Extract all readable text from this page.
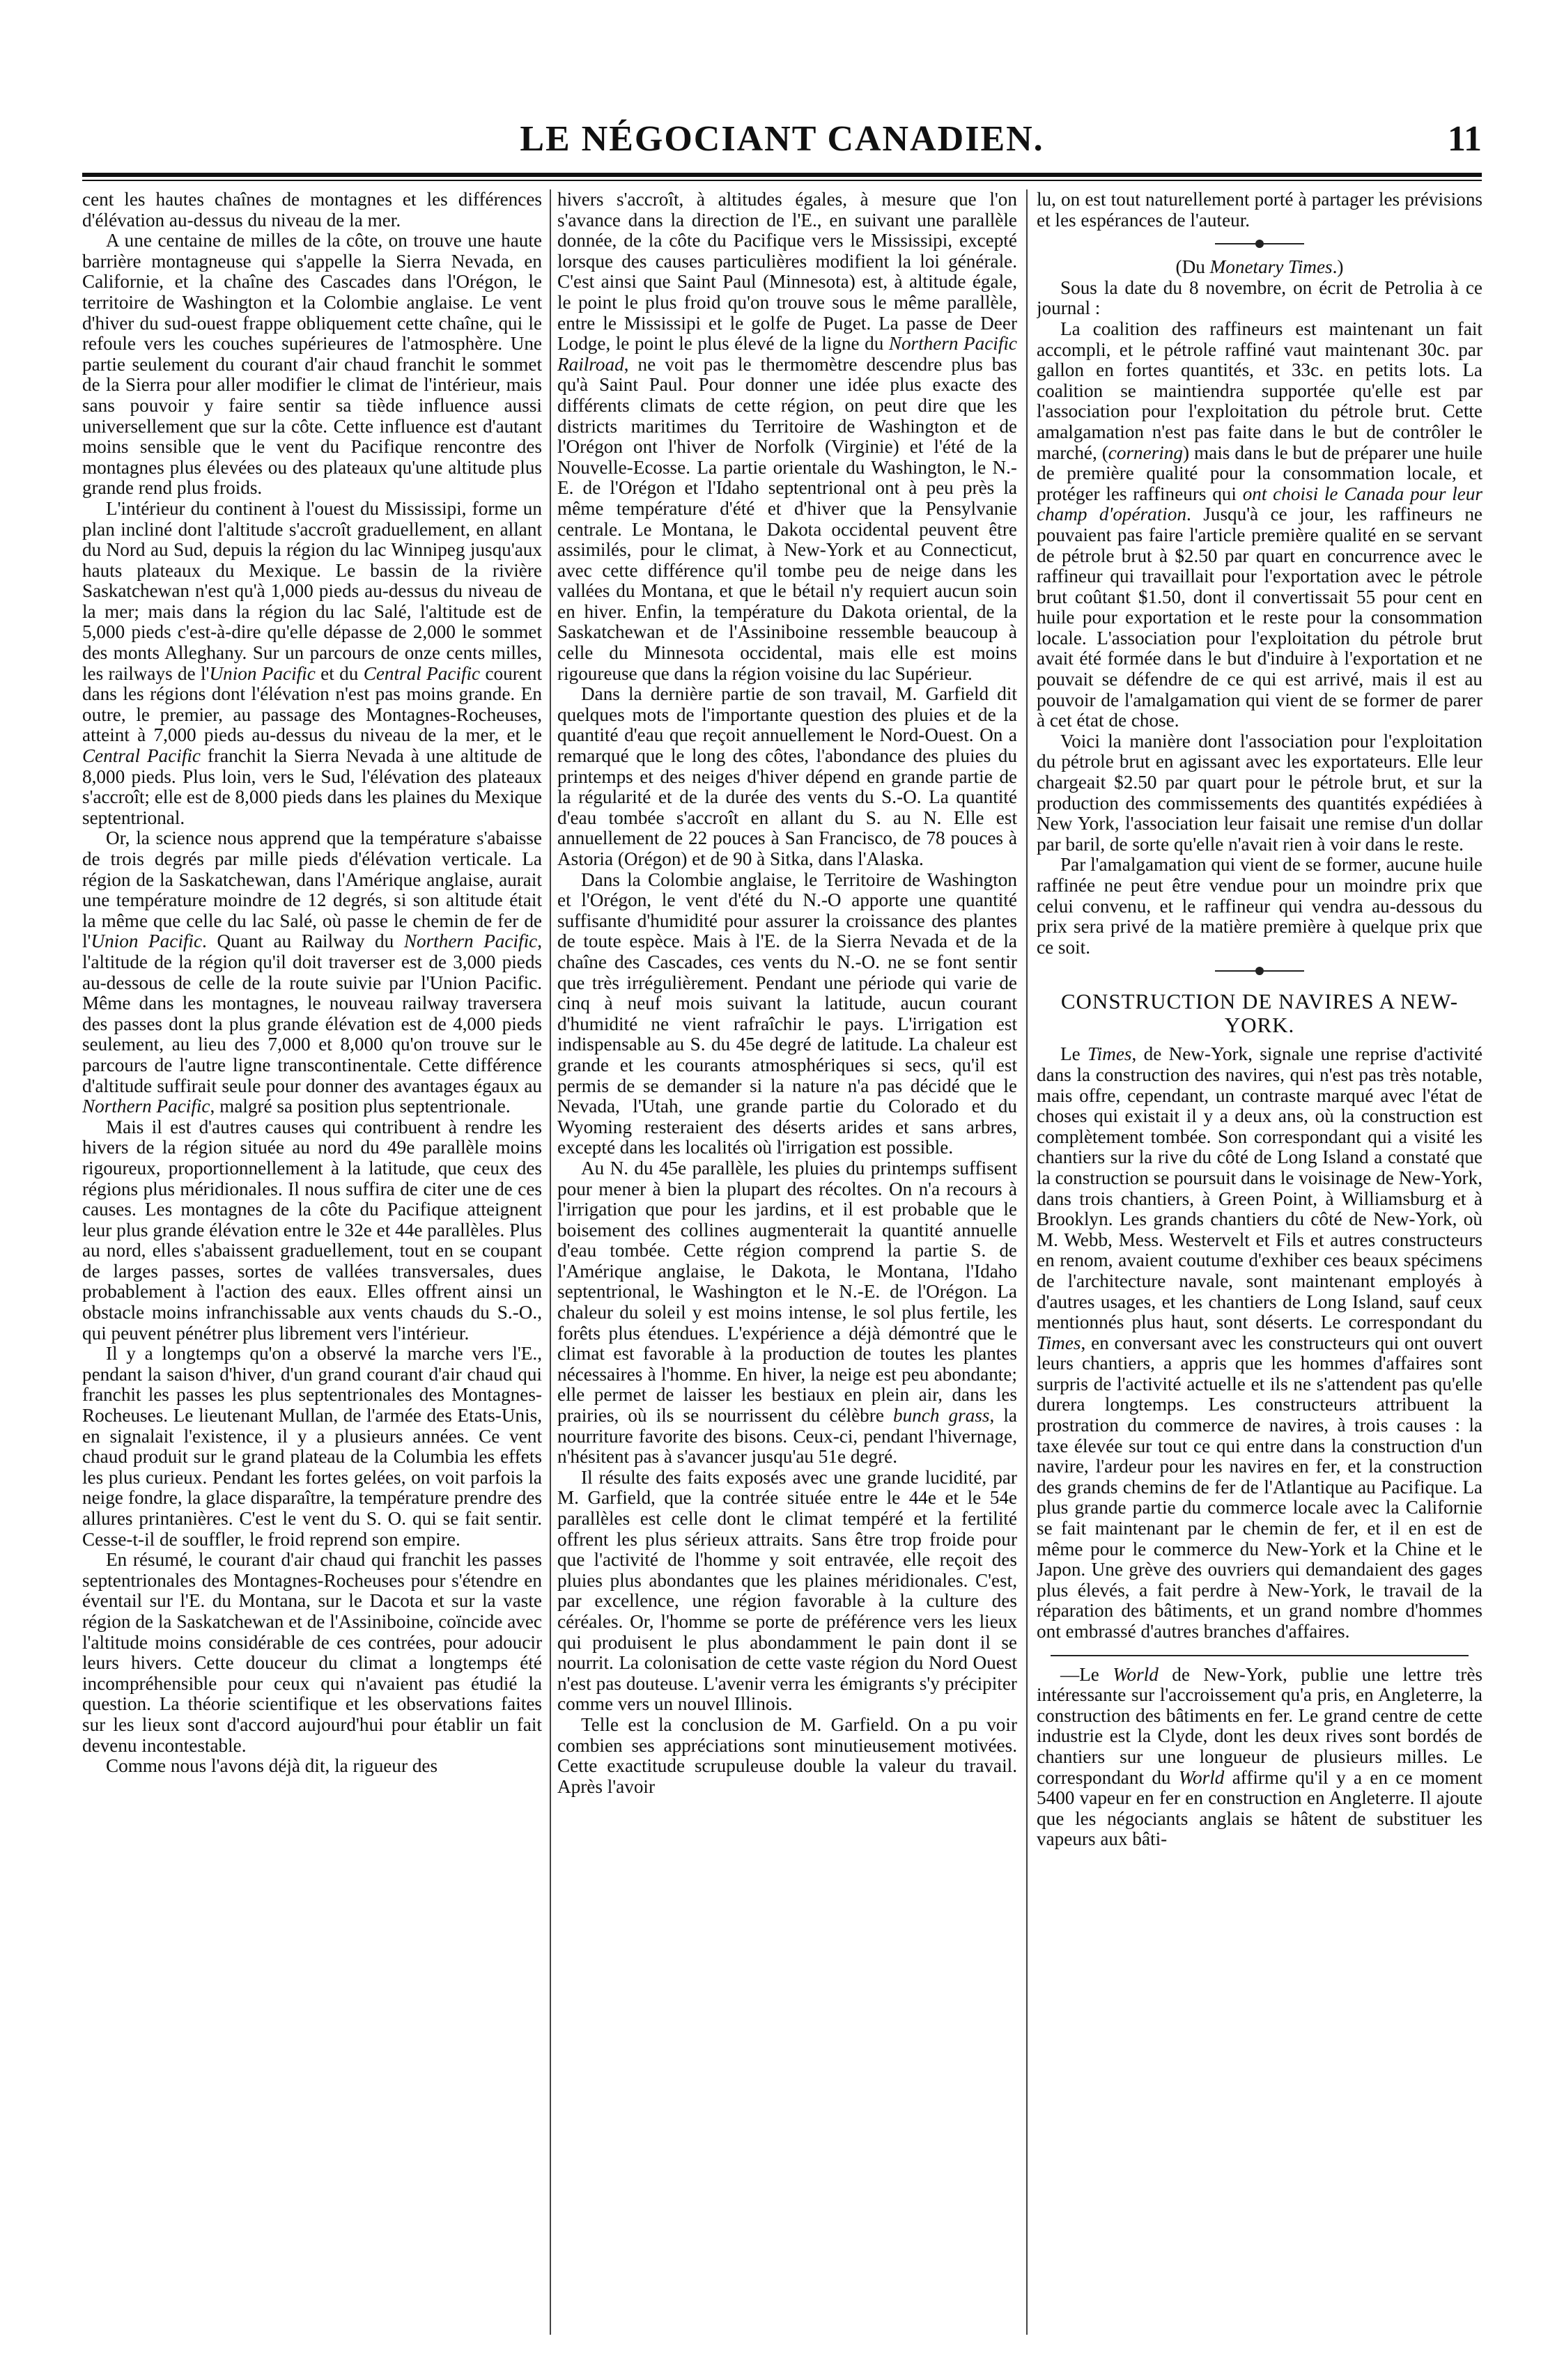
LE NÉGOCIANT CANADIEN.	11

cent les hautes chaînes de montagnes et les différences d'élévation au-dessus du niveau de la mer.

A une centaine de milles de la côte, on trouve une haute barrière montagneuse qui s'appelle la Sierra Nevada, en Californie, et la chaîne des Cascades dans l'Orégon, le territoire de Washington et la Colombie anglaise. Le vent d'hiver du sud-ouest frappe obliquement cette chaîne, qui le refoule vers les couches supérieures de l'atmosphère. Une partie seulement du courant d'air chaud franchit le sommet de la Sierra pour aller modifier le climat de l'intérieur, mais sans pouvoir y faire sentir sa tiède influence aussi universellement que sur la côte. Cette influence est d'autant moins sensible que le vent du Pacifique rencontre des montagnes plus élevées ou des plateaux qu'une altitude plus grande rend plus froids.

L'intérieur du continent à l'ouest du Mississipi, forme un plan incliné dont l'altitude s'accroît graduellement, en allant du Nord au Sud, depuis la région du lac Winnipeg jusqu'aux hauts plateaux du Mexique. Le bassin de la rivière Saskatchewan n'est qu'à 1,000 pieds au-dessus du niveau de la mer; mais dans la région du lac Salé, l'altitude est de 5,000 pieds c'est-à-dire qu'elle dépasse de 2,000 le sommet des monts Alleghany. Sur un parcours de onze cents milles, les railways de l'Union Pacific et du Central Pacific courent dans les régions dont l'élévation n'est pas moins grande. En outre, le premier, au passage des Montagnes-Rocheuses, atteint à 7,000 pieds au-dessus du niveau de la mer, et le Central Pacific franchit la Sierra Nevada à une altitude de 8,000 pieds. Plus loin, vers le Sud, l'élévation des plateaux s'accroît; elle est de 8,000 pieds dans les plaines du Mexique septentrional.

Or, la science nous apprend que la température s'abaisse de trois degrés par mille pieds d'élévation verticale. La région de la Saskatchewan, dans l'Amérique anglaise, aurait une température moindre de 12 degrés, si son altitude était la même que celle du lac Salé, où passe le chemin de fer de l'Union Pacific. Quant au Railway du Northern Pacific, l'altitude de la région qu'il doit traverser est de 3,000 pieds au-dessous de celle de la route suivie par l'Union Pacific. Même dans les montagnes, le nouveau railway traversera des passes dont la plus grande élévation est de 4,000 pieds seulement, au lieu des 7,000 et 8,000 qu'on trouve sur le parcours de l'autre ligne transcontinentale. Cette différence d'altitude suffirait seule pour donner des avantages égaux au Northern Pacific, malgré sa position plus septentrionale.

Mais il est d'autres causes qui contribuent à rendre les hivers de la région située au nord du 49e parallèle moins rigoureux, proportionnellement à la latitude, que ceux des régions plus méridionales. Il nous suffira de citer une de ces causes. Les montagnes de la côte du Pacifique atteignent leur plus grande élévation entre le 32e et 44e parallèles. Plus au nord, elles s'abaissent graduellement, tout en se coupant de larges passes, sortes de vallées transversales, dues probablement à l'action des eaux. Elles offrent ainsi un obstacle moins infranchissable aux vents chauds du S.-O., qui peuvent pénétrer plus librement vers l'intérieur.

Il y a longtemps qu'on a observé la marche vers l'E., pendant la saison d'hiver, d'un grand courant d'air chaud qui franchit les passes les plus septentrionales des Montagnes-Rocheuses. Le lieutenant Mullan, de l'armée des Etats-Unis, en signalait l'existence, il y a plusieurs années. Ce vent chaud produit sur le grand plateau de la Columbia les effets les plus curieux. Pendant les fortes gelées, on voit parfois la neige fondre, la glace disparaître, la température prendre des allures printanières. C'est le vent du S. O. qui se fait sentir. Cesse-t-il de souffler, le froid reprend son empire.

En résumé, le courant d'air chaud qui franchit les passes septentrionales des Montagnes-Rocheuses pour s'étendre en éventail sur l'E. du Montana, sur le Dacota et sur la vaste région de la Saskatchewan et de l'Assiniboine, coïncide avec l'altitude moins considérable de ces contrées, pour adoucir leurs hivers. Cette douceur du climat a longtemps été incompréhensible pour ceux qui n'avaient pas étudié la question. La théorie scientifique et les observations faites sur les lieux sont d'accord aujourd'hui pour établir un fait devenu incontestable.

Comme nous l'avons déjà dit, la rigueur des

hivers s'accroît, à altitudes égales, à mesure que l'on s'avance dans la direction de l'E., en suivant une parallèle donnée, de la côte du Pacifique vers le Mississipi, excepté lorsque des causes particulières modifient la loi générale. C'est ainsi que Saint Paul (Minnesota) est, à altitude égale, le point le plus froid qu'on trouve sous le même parallèle, entre le Mississipi et le golfe de Puget. La passe de Deer Lodge, le point le plus élevé de la ligne du Northern Pacific Railroad, ne voit pas le thermomètre descendre plus bas qu'à Saint Paul. Pour donner une idée plus exacte des différents climats de cette région, on peut dire que les districts maritimes du Territoire de Washington et de l'Orégon ont l'hiver de Norfolk (Virginie) et l'été de la Nouvelle-Ecosse. La partie orientale du Washington, le N.-E. de l'Orégon et l'Idaho septentrional ont à peu près la même température d'été et d'hiver que la Pensylvanie centrale. Le Montana, le Dakota occidental peuvent être assimilés, pour le climat, à New-York et au Connecticut, avec cette différence qu'il tombe peu de neige dans les vallées du Montana, et que le bétail n'y requiert aucun soin en hiver. Enfin, la température du Dakota oriental, de la Saskatchewan et de l'Assiniboine ressemble beaucoup à celle du Minnesota occidental, mais elle est moins rigoureuse que dans la région voisine du lac Supérieur.

Dans la dernière partie de son travail, M. Garfield dit quelques mots de l'importante question des pluies et de la quantité d'eau que reçoit annuellement le Nord-Ouest. On a remarqué que le long des côtes, l'abondance des pluies du printemps et des neiges d'hiver dépend en grande partie de la régularité et de la durée des vents du S.-O. La quantité d'eau tombée s'accroît en allant du S. au N. Elle est annuellement de 22 pouces à San Francisco, de 78 pouces à Astoria (Orégon) et de 90 à Sitka, dans l'Alaska.

Dans la Colombie anglaise, le Territoire de Washington et l'Orégon, le vent d'été du N.-O apporte une quantité suffisante d'humidité pour assurer la croissance des plantes de toute espèce. Mais à l'E. de la Sierra Nevada et de la chaîne des Cascades, ces vents du N.-O. ne se font sentir que très irrégulièrement. Pendant une période qui varie de cinq à neuf mois suivant la latitude, aucun courant d'humidité ne vient rafraîchir le pays. L'irrigation est indispensable au S. du 45e degré de latitude. La chaleur est grande et les courants atmosphériques si secs, qu'il est permis de se demander si la nature n'a pas décidé que le Nevada, l'Utah, une grande partie du Colorado et du Wyoming resteraient des déserts arides et sans arbres, excepté dans les localités où l'irrigation est possible.

Au N. du 45e parallèle, les pluies du printemps suffisent pour mener à bien la plupart des récoltes. On n'a recours à l'irrigation que pour les jardins, et il est probable que le boisement des collines augmenterait la quantité annuelle d'eau tombée. Cette région comprend la partie S. de l'Amérique anglaise, le Dakota, le Montana, l'Idaho septentrional, le Washington et le N.-E. de l'Orégon. La chaleur du soleil y est moins intense, le sol plus fertile, les forêts plus étendues. L'expérience a déjà démontré que le climat est favorable à la production de toutes les plantes nécessaires à l'homme. En hiver, la neige est peu abondante; elle permet de laisser les bestiaux en plein air, dans les prairies, où ils se nourrissent du célèbre bunch grass, la nourriture favorite des bisons. Ceux-ci, pendant l'hivernage, n'hésitent pas à s'avancer jusqu'au 51e degré.

Il résulte des faits exposés avec une grande lucidité, par M. Garfield, que la contrée située entre le 44e et le 54e parallèles est celle dont le climat tempéré et la fertilité offrent les plus sérieux attraits. Sans être trop froide pour que l'activité de l'homme y soit entravée, elle reçoit des pluies plus abondantes que les plaines méridionales. C'est, par excellence, une région favorable à la culture des céréales. Or, l'homme se porte de préférence vers les lieux qui produisent le plus abondamment le pain dont il se nourrit. La colonisation de cette vaste région du Nord Ouest n'est pas douteuse. L'avenir verra les émigrants s'y précipiter comme vers un nouvel Illinois.

Telle est la conclusion de M. Garfield. On a pu voir combien ses appréciations sont minutieusement motivées. Cette exactitude scrupuleuse double la valeur du travail. Après l'avoir

lu, on est tout naturellement porté à partager les prévisions et les espérances de l'auteur.

(Du Monetary Times.)

Sous la date du 8 novembre, on écrit de Petrolia à ce journal :

La coalition des raffineurs est maintenant un fait accompli, et le pétrole raffiné vaut maintenant 30c. par gallon en fortes quantités, et 33c. en petits lots. La coalition se maintiendra supportée qu'elle est par l'association pour l'exploitation du pétrole brut. Cette amalgamation n'est pas faite dans le but de contrôler le marché, (cornering) mais dans le but de préparer une huile de première qualité pour la consommation locale, et protéger les raffineurs qui ont choisi le Canada pour leur champ d'opération. Jusqu'à ce jour, les raffineurs ne pouvaient pas faire l'article première qualité en se servant de pétrole brut à $2.50 par quart en concurrence avec le raffineur qui travaillait pour l'exportation avec le pétrole brut coûtant $1.50, dont il convertissait 55 pour cent en huile pour exportation et le reste pour la consommation locale. L'association pour l'exploitation du pétrole brut avait été formée dans le but d'induire à l'exportation et ne pouvait se défendre de ce qui est arrivé, mais il est au pouvoir de l'amalgamation qui vient de se former de parer à cet état de chose.

Voici la manière dont l'association pour l'exploitation du pétrole brut en agissant avec les exportateurs. Elle leur chargeait $2.50 par quart pour le pétrole brut, et sur la production des commissements des quantités expédiées à New York, l'association leur faisait une remise d'un dollar par baril, de sorte qu'elle n'avait rien à voir dans le reste.

Par l'amalgamation qui vient de se former, aucune huile raffinée ne peut être vendue pour un moindre prix que celui convenu, et le raffineur qui vendra au-dessous du prix sera privé de la matière première à quelque prix que ce soit.

CONSTRUCTION DE NAVIRES A NEW-YORK.

Le Times, de New-York, signale une reprise d'activité dans la construction des navires, qui n'est pas très notable, mais offre, cependant, un contraste marqué avec l'état de choses qui existait il y a deux ans, où la construction est complètement tombée. Son correspondant qui a visité les chantiers sur la rive du côté de Long Island a constaté que la construction se poursuit dans le voisinage de New-York, dans trois chantiers, à Green Point, à Williamsburg et à Brooklyn. Les grands chantiers du côté de New-York, où M. Webb, Mess. Westervelt et Fils et autres constructeurs en renom, avaient coutume d'exhiber ces beaux spécimens de l'architecture navale, sont maintenant employés à d'autres usages, et les chantiers de Long Island, sauf ceux mentionnés plus haut, sont déserts. Le correspondant du Times, en conversant avec les constructeurs qui ont ouvert leurs chantiers, a appris que les hommes d'affaires sont surpris de l'activité actuelle et ils ne s'attendent pas qu'elle durera longtemps. Les constructeurs attribuent la prostration du commerce de navires, à trois causes : la taxe élevée sur tout ce qui entre dans la construction d'un navire, l'ardeur pour les navires en fer, et la construction des grands chemins de fer de l'Atlantique au Pacifique. La plus grande partie du commerce locale avec la Californie se fait maintenant par le chemin de fer, et il en est de même pour le commerce du New-York et la Chine et le Japon. Une grève des ouvriers qui demandaient des gages plus élevés, a fait perdre à New-York, le travail de la réparation des bâtiments, et un grand nombre d'hommes ont embrassé d'autres branches d'affaires.

—Le World de New-York, publie une lettre très intéressante sur l'accroissement qu'a pris, en Angleterre, la construction des bâtiments en fer. Le grand centre de cette industrie est la Clyde, dont les deux rives sont bordés de chantiers sur une longueur de plusieurs milles. Le correspondant du World affirme qu'il y a en ce moment 5400 vapeur en fer en construction en Angleterre. Il ajoute que les négociants anglais se hâtent de substituer les vapeurs aux bâti-
